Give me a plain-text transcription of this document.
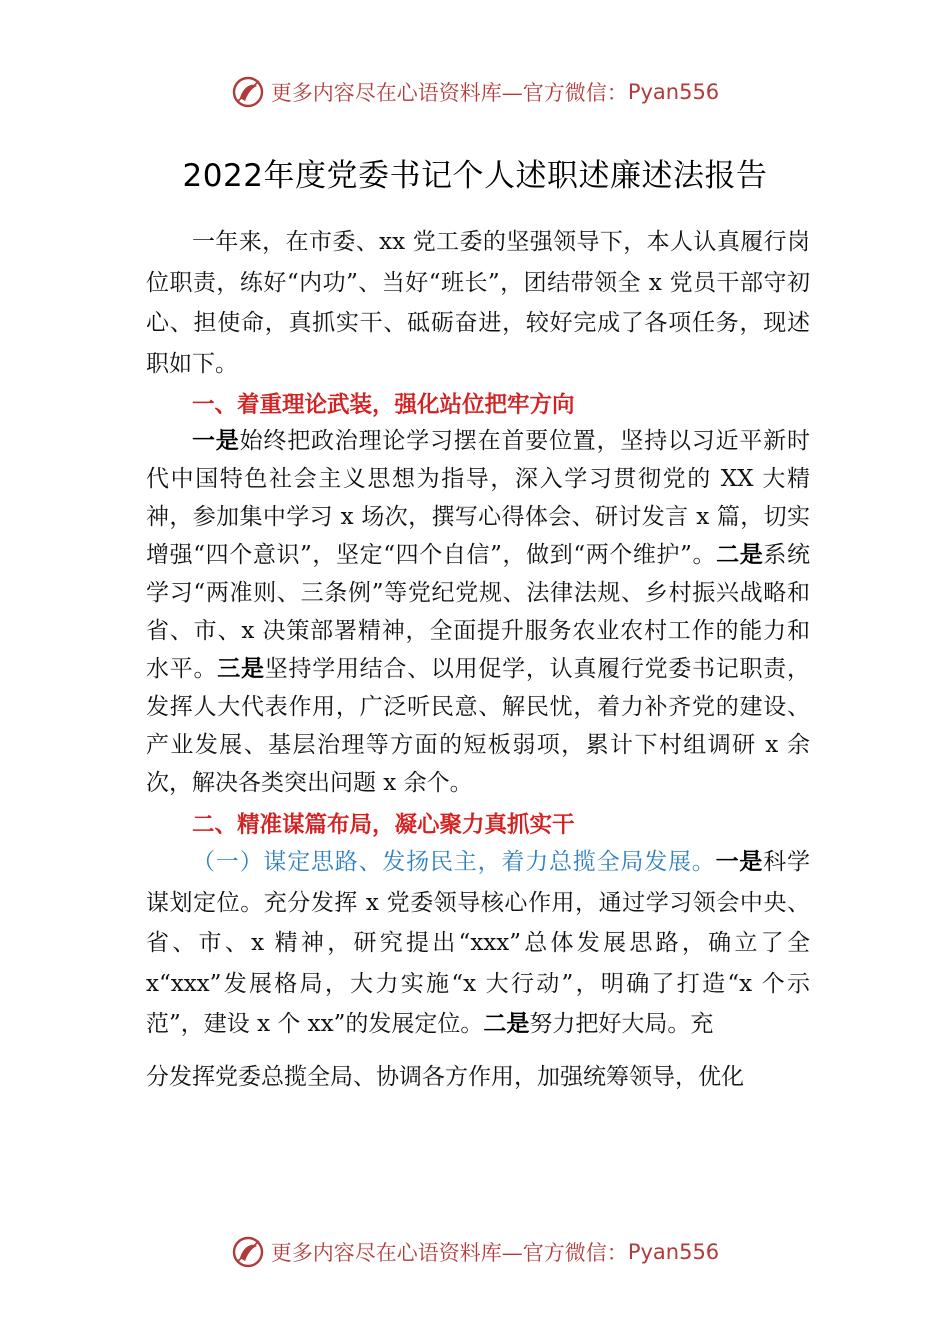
更多内容尽在心语资料库—官方微信： Pyan556
2022年度党委书记个人述职述廉述法报告

一年来，在市委、xx 党工委的坚强领导下，本人认真履行岗位职责，练好“内功”、当好“班长”，团结带领全 x 党员干部守初心、担使命，真抓实干、砥砺奋进，较好完成了各项任务，现述职如下。

一、着重理论武装，强化站位把牢方向

一是始终把政治理论学习摆在首要位置，坚持以习近平新时代中国特色社会主义思想为指导，深入学习贯彻党的 XX 大精神，参加集中学习 x 场次，撰写心得体会、研讨发言 x 篇，切实增强“四个意识”，坚定“四个自信”，做到“两个维护”。二是系统学习“两准则、三条例”等党纪党规、法律法规、乡村振兴战略和省、市、x 决策部署精神，全面提升服务农业农村工作的能力和水平。三是坚持学用结合、以用促学，认真履行党委书记职责，发挥人大代表作用，广泛听民意、解民忧，着力补齐党的建设、产业发展、基层治理等方面的短板弱项，累计下村组调研 x 余次，解决各类突出问题 x 余个。

二、精准谋篇布局，凝心聚力真抓实干

（一）谋定思路、发扬民主，着力总揽全局发展。一是科学谋划定位。充分发挥 x 党委领导核心作用，通过学习领会中央、省、市、x 精神，研究提出“xxx”总体发展思路，确立了全 x“xxx”发展格局，大力实施“x 大行动”，明确了打造“x 个示范”，建设 x 个 xx”的发展定位。二是努力把好大局。充

分发挥党委总揽全局、协调各方作用，加强统筹领导，优化

更多内容尽在心语资料库—官方微信： Pyan556
